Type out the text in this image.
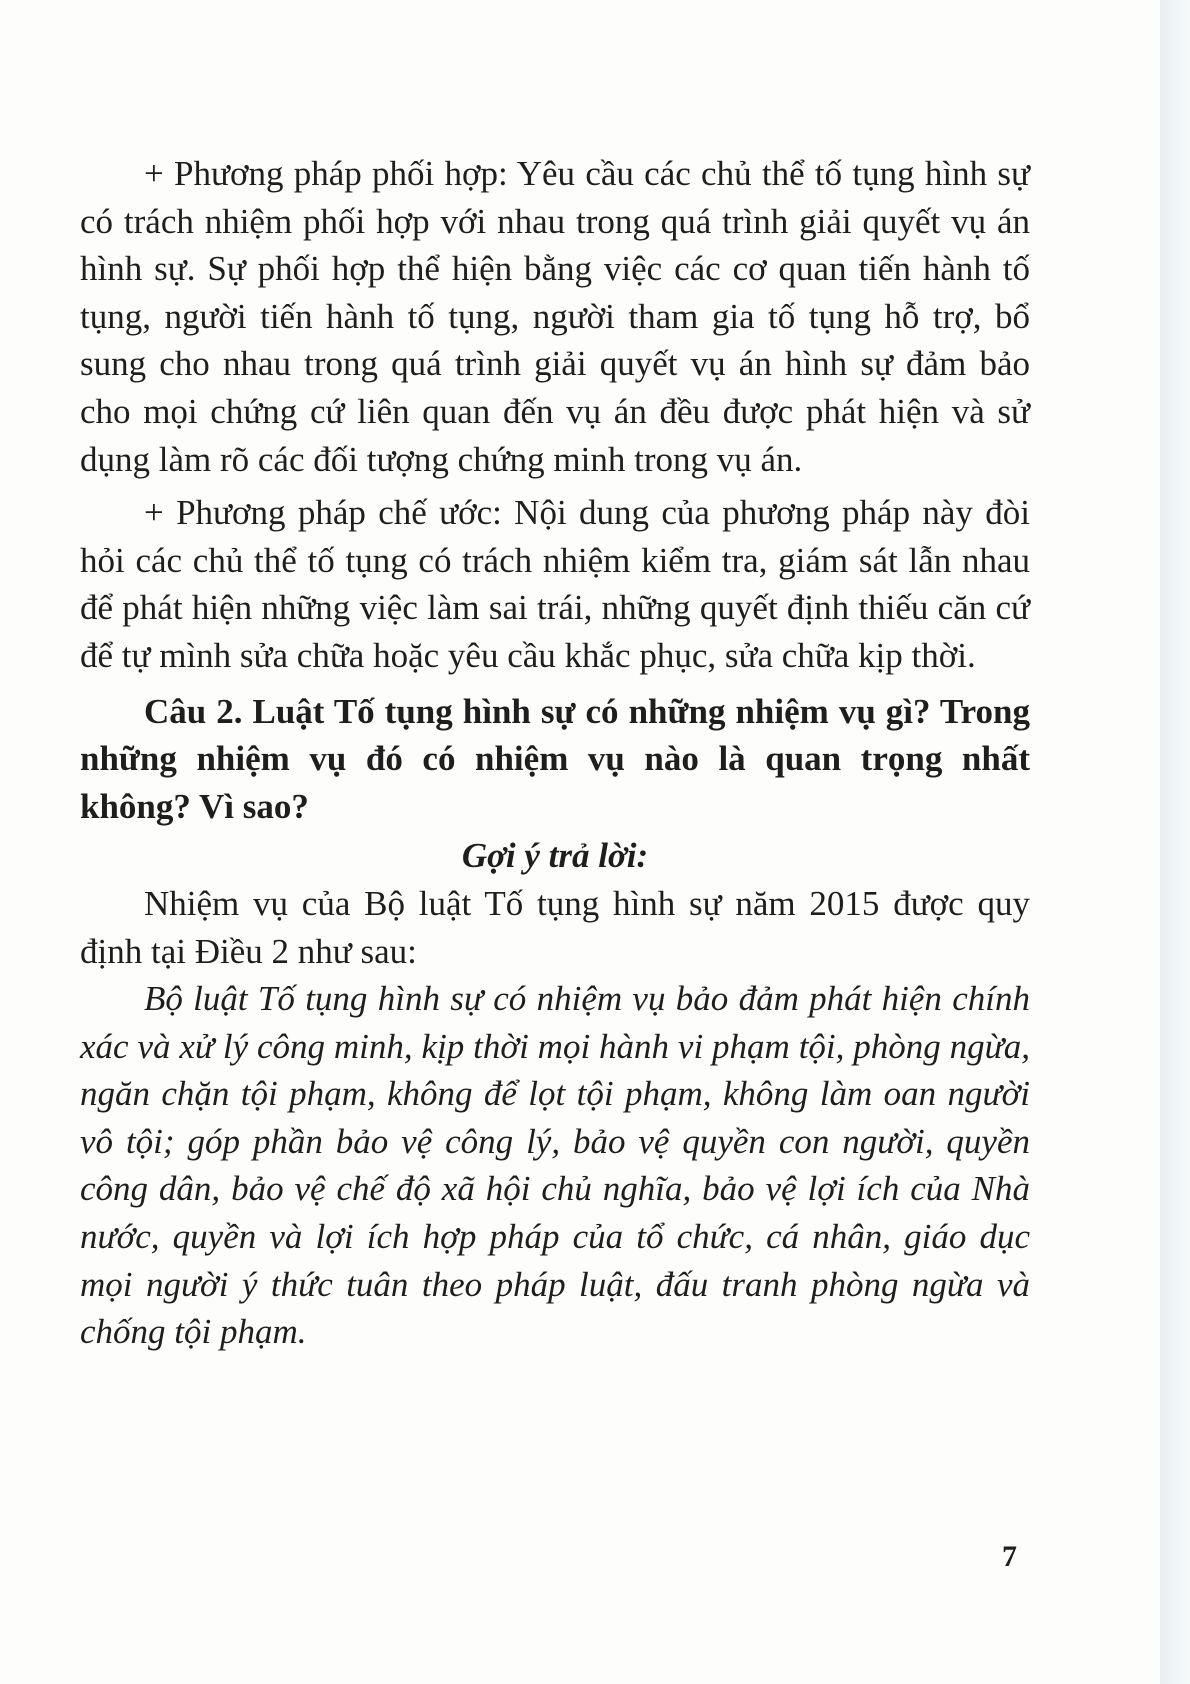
+ Phương pháp phối hợp: Yêu cầu các chủ thể tố tụng hình sự có trách nhiệm phối hợp với nhau trong quá trình giải quyết vụ án hình sự. Sự phối hợp thể hiện bằng việc các cơ quan tiến hành tố tụng, người tiến hành tố tụng, người tham gia tố tụng hỗ trợ, bổ sung cho nhau trong quá trình giải quyết vụ án hình sự đảm bảo cho mọi chứng cứ liên quan đến vụ án đều được phát hiện và sử dụng làm rõ các đối tượng chứng minh trong vụ án.

+ Phương pháp chế ước: Nội dung của phương pháp này đòi hỏi các chủ thể tố tụng có trách nhiệm kiểm tra, giám sát lẫn nhau để phát hiện những việc làm sai trái, những quyết định thiếu căn cứ để tự mình sửa chữa hoặc yêu cầu khắc phục, sửa chữa kịp thời.

Câu 2. Luật Tố tụng hình sự có những nhiệm vụ gì? Trong những nhiệm vụ đó có nhiệm vụ nào là quan trọng nhất không? Vì sao?

Gợi ý trả lời:

Nhiệm vụ của Bộ luật Tố tụng hình sự năm 2015 được quy định tại Điều 2 như sau:

Bộ luật Tố tụng hình sự có nhiệm vụ bảo đảm phát hiện chính xác và xử lý công minh, kịp thời mọi hành vi phạm tội, phòng ngừa, ngăn chặn tội phạm, không để lọt tội phạm, không làm oan người vô tội; góp phần bảo vệ công lý, bảo vệ quyền con người, quyền công dân, bảo vệ chế độ xã hội chủ nghĩa, bảo vệ lợi ích của Nhà nước, quyền và lợi ích hợp pháp của tổ chức, cá nhân, giáo dục mọi người ý thức tuân theo pháp luật, đấu tranh phòng ngừa và chống tội phạm.

7
